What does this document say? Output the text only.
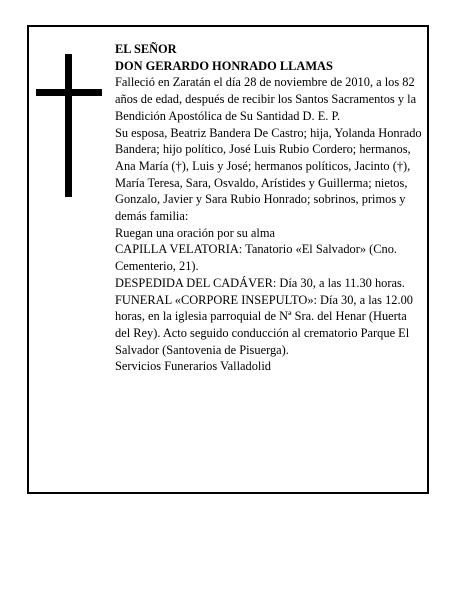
EL SEÑOR

DON GERARDO HONRADO LLAMAS

Falleció en Zaratán el día 28 de noviembre de 2010, a los 82 años de edad, después de recibir los Santos Sacramentos y la Bendición Apostólica de Su Santidad D. E. P.

Su esposa, Beatriz Bandera De Castro; hija, Yolanda Honrado Bandera; hijo político, José Luis Rubio Cordero; hermanos, Ana María (†), Luis y José; hermanos políticos, Jacinto (†), María Teresa, Sara, Osvaldo, Arístides y Guillerma; nietos, Gonzalo, Javier y Sara Rubio Honrado; sobrinos, primos y demás familia:

Ruegan una oración por su alma

CAPILLA VELATORIA: Tanatorio «El Salvador» (Cno. Cementerio, 21).

DESPEDIDA DEL CADÁVER: Día 30, a las 11.30 horas.

FUNERAL «CORPORE INSEPULTO»: Día 30, a las 12.00 horas, en la iglesia parroquial de Nª Sra. del Henar (Huerta del Rey). Acto seguido conducción al crematorio Parque El Salvador (Santovenia de Pisuerga).

Servicios Funerarios Valladolid
